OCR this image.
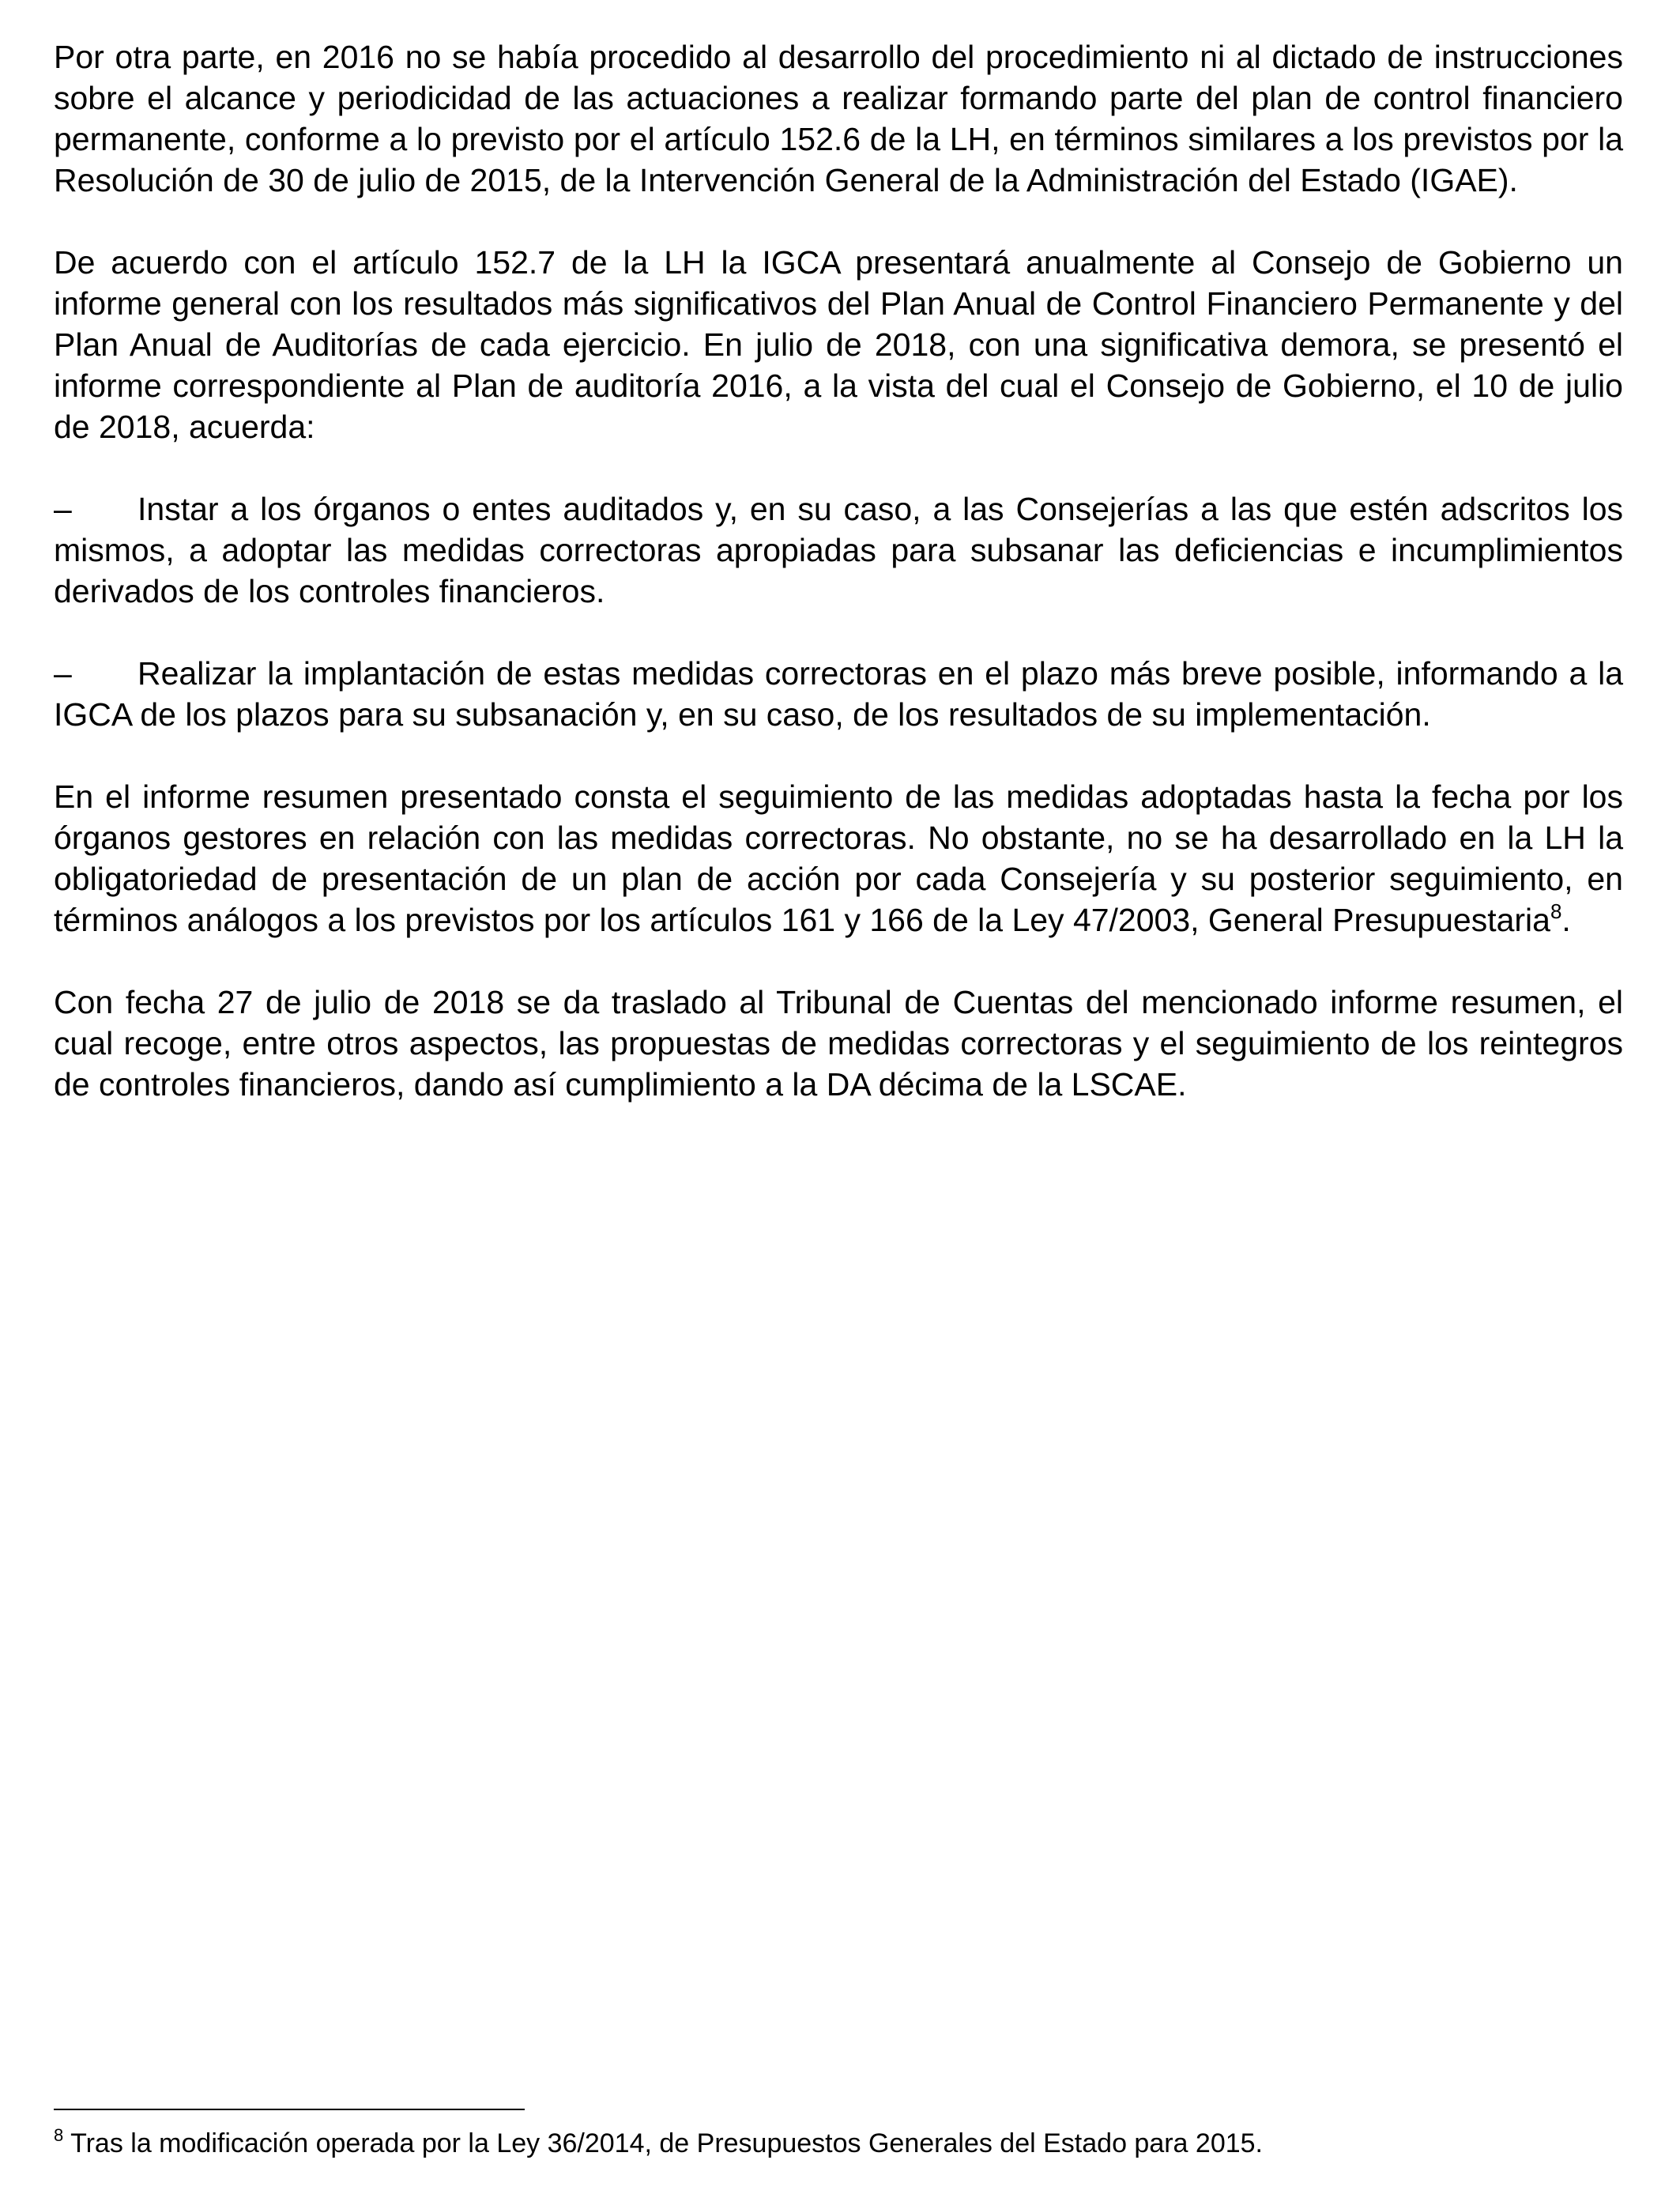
Por otra parte, en 2016 no se había procedido al desarrollo del procedimiento ni al dictado de instrucciones sobre el alcance y periodicidad de las actuaciones a realizar formando parte del plan de control financiero permanente, conforme a lo previsto por el artículo 152.6 de la LH, en términos similares a los previstos por la Resolución de 30 de julio de 2015, de la Intervención General de la Administración del Estado (IGAE).

De acuerdo con el artículo 152.7 de la LH la IGCA presentará anualmente al Consejo de Gobierno un informe general con los resultados más significativos del Plan Anual de Control Financiero Permanente y del Plan Anual de Auditorías de cada ejercicio. En julio de 2018, con una significativa demora, se presentó el informe correspondiente al Plan de auditoría 2016, a la vista del cual el Consejo de Gobierno, el 10 de julio de 2018, acuerda:

– Instar a los órganos o entes auditados y, en su caso, a las Consejerías a las que estén adscritos los mismos, a adoptar las medidas correctoras apropiadas para subsanar las deficiencias e incumplimientos derivados de los controles financieros.

– Realizar la implantación de estas medidas correctoras en el plazo más breve posible, informando a la IGCA de los plazos para su subsanación y, en su caso, de los resultados de su implementación.

En el informe resumen presentado consta el seguimiento de las medidas adoptadas hasta la fecha por los órganos gestores en relación con las medidas correctoras. No obstante, no se ha desarrollado en la LH la obligatoriedad de presentación de un plan de acción por cada Consejería y su posterior seguimiento, en términos análogos a los previstos por los artículos 161 y 166 de la Ley 47/2003, General Presupuestaria$^8$.

Con fecha 27 de julio de 2018 se da traslado al Tribunal de Cuentas del mencionado informe resumen, el cual recoge, entre otros aspectos, las propuestas de medidas correctoras y el seguimiento de los reintegros de controles financieros, dando así cumplimiento a la DA décima de la LSCAE.

$^8$ Tras la modificación operada por la Ley 36/2014, de Presupuestos Generales del Estado para 2015.
